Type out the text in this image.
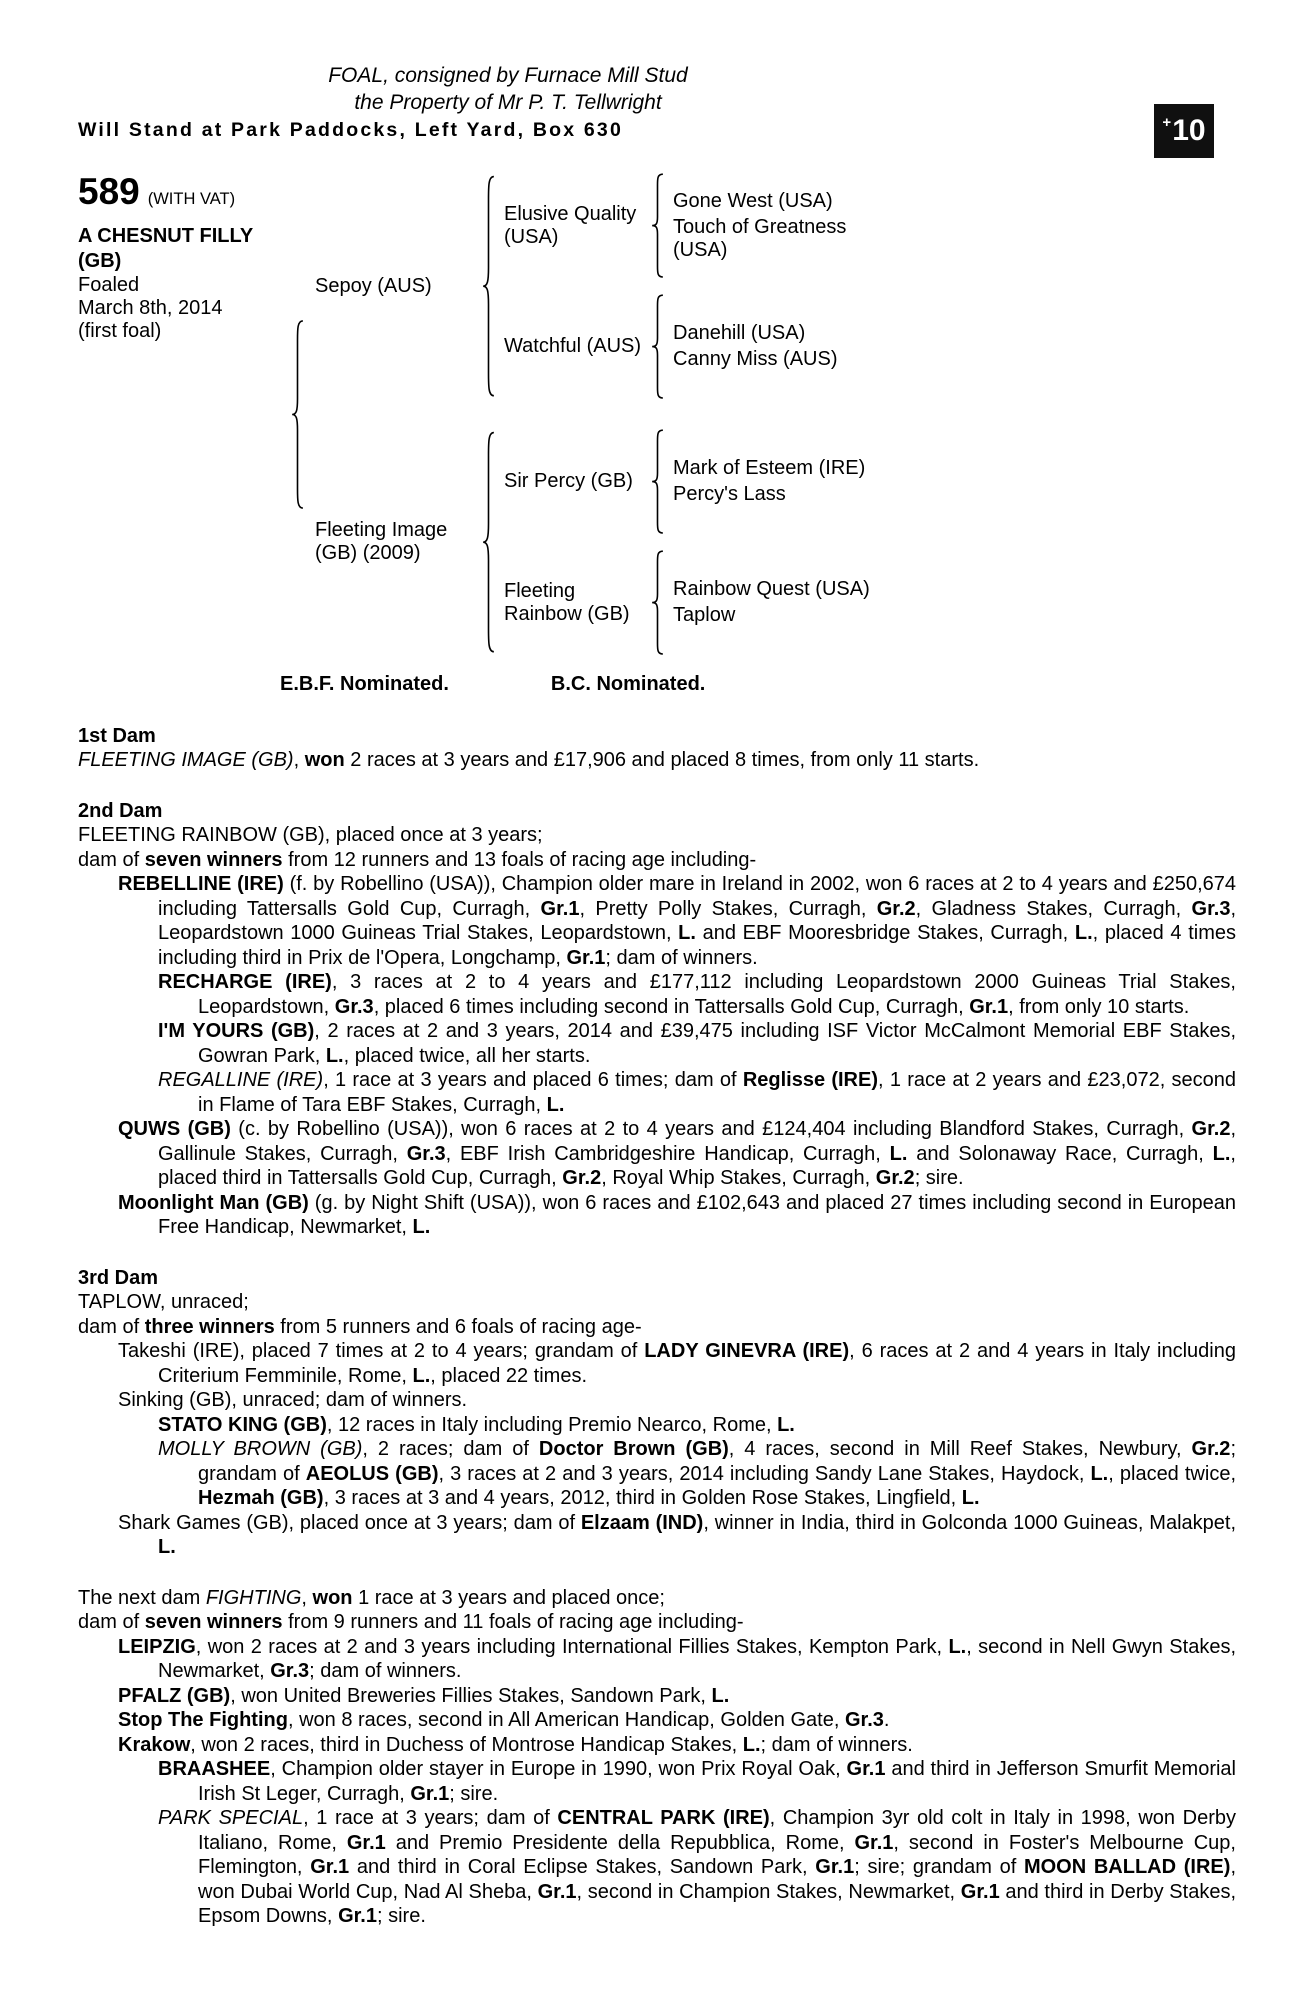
FOAL, consigned by Furnace Mill Stud
the Property of Mr P. T. Tellwright
Will Stand at Park Paddocks, Left Yard, Box 630	+ 10
589 (WITH VAT)
A CHESNUT FILLY (GB)
Foaled
March 8th, 2014
(first foal)
Sepoy (AUS)
Elusive Quality (USA)
Gone West (USA)
Touch of Greatness (USA)
Watchful (AUS)
Danehill (USA)
Canny Miss (AUS)
Fleeting Image (GB) (2009)
Sir Percy (GB)
Mark of Esteem (IRE)
Percy's Lass
Fleeting Rainbow (GB)
Rainbow Quest (USA)
Taplow
E.B.F. Nominated.	B.C. Nominated.
1st Dam

FLEETING IMAGE (GB), won 2 races at 3 years and £17,906 and placed 8 times, from only 11 starts.

2nd Dam

FLEETING RAINBOW (GB), placed once at 3 years;

dam of seven winners from 12 runners and 13 foals of racing age including-

REBELLINE (IRE) (f. by Robellino (USA)), Champion older mare in Ireland in 2002, won 6 races at 2 to 4 years and £250,674 including Tattersalls Gold Cup, Curragh, Gr.1, Pretty Polly Stakes, Curragh, Gr.2, Gladness Stakes, Curragh, Gr.3, Leopardstown 1000 Guineas Trial Stakes, Leopardstown, L. and EBF Mooresbridge Stakes, Curragh, L., placed 4 times including third in Prix de l'Opera, Longchamp, Gr.1; dam of winners.

RECHARGE (IRE), 3 races at 2 to 4 years and £177,112 including Leopardstown 2000 Guineas Trial Stakes, Leopardstown, Gr.3, placed 6 times including second in Tattersalls Gold Cup, Curragh, Gr.1, from only 10 starts.

I'M YOURS (GB), 2 races at 2 and 3 years, 2014 and £39,475 including ISF Victor McCalmont Memorial EBF Stakes, Gowran Park, L., placed twice, all her starts.

REGALLINE (IRE), 1 race at 3 years and placed 6 times; dam of Reglisse (IRE), 1 race at 2 years and £23,072, second in Flame of Tara EBF Stakes, Curragh, L.

QUWS (GB) (c. by Robellino (USA)), won 6 races at 2 to 4 years and £124,404 including Blandford Stakes, Curragh, Gr.2, Gallinule Stakes, Curragh, Gr.3, EBF Irish Cambridgeshire Handicap, Curragh, L. and Solonaway Race, Curragh, L., placed third in Tattersalls Gold Cup, Curragh, Gr.2, Royal Whip Stakes, Curragh, Gr.2; sire.

Moonlight Man (GB) (g. by Night Shift (USA)), won 6 races and £102,643 and placed 27 times including second in European Free Handicap, Newmarket, L.

3rd Dam

TAPLOW, unraced;

dam of three winners from 5 runners and 6 foals of racing age-

Takeshi (IRE), placed 7 times at 2 to 4 years; grandam of LADY GINEVRA (IRE), 6 races at 2 and 4 years in Italy including Criterium Femminile, Rome, L., placed 22 times.

Sinking (GB), unraced; dam of winners.

STATO KING (GB), 12 races in Italy including Premio Nearco, Rome, L.

MOLLY BROWN (GB), 2 races; dam of Doctor Brown (GB), 4 races, second in Mill Reef Stakes, Newbury, Gr.2; grandam of AEOLUS (GB), 3 races at 2 and 3 years, 2014 including Sandy Lane Stakes, Haydock, L., placed twice, Hezmah (GB), 3 races at 3 and 4 years, 2012, third in Golden Rose Stakes, Lingfield, L.

Shark Games (GB), placed once at 3 years; dam of Elzaam (IND), winner in India, third in Golconda 1000 Guineas, Malakpet, L.

The next dam FIGHTING, won 1 race at 3 years and placed once;

dam of seven winners from 9 runners and 11 foals of racing age including-

LEIPZIG, won 2 races at 2 and 3 years including International Fillies Stakes, Kempton Park, L., second in Nell Gwyn Stakes, Newmarket, Gr.3; dam of winners.

PFALZ (GB), won United Breweries Fillies Stakes, Sandown Park, L.

Stop The Fighting, won 8 races, second in All American Handicap, Golden Gate, Gr.3.

Krakow, won 2 races, third in Duchess of Montrose Handicap Stakes, L.; dam of winners.

BRAASHEE, Champion older stayer in Europe in 1990, won Prix Royal Oak, Gr.1 and third in Jefferson Smurfit Memorial Irish St Leger, Curragh, Gr.1; sire.

PARK SPECIAL, 1 race at 3 years; dam of CENTRAL PARK (IRE), Champion 3yr old colt in Italy in 1998, won Derby Italiano, Rome, Gr.1 and Premio Presidente della Repubblica, Rome, Gr.1, second in Foster's Melbourne Cup, Flemington, Gr.1 and third in Coral Eclipse Stakes, Sandown Park, Gr.1; sire; grandam of MOON BALLAD (IRE), won Dubai World Cup, Nad Al Sheba, Gr.1, second in Champion Stakes, Newmarket, Gr.1 and third in Derby Stakes, Epsom Downs, Gr.1; sire.
